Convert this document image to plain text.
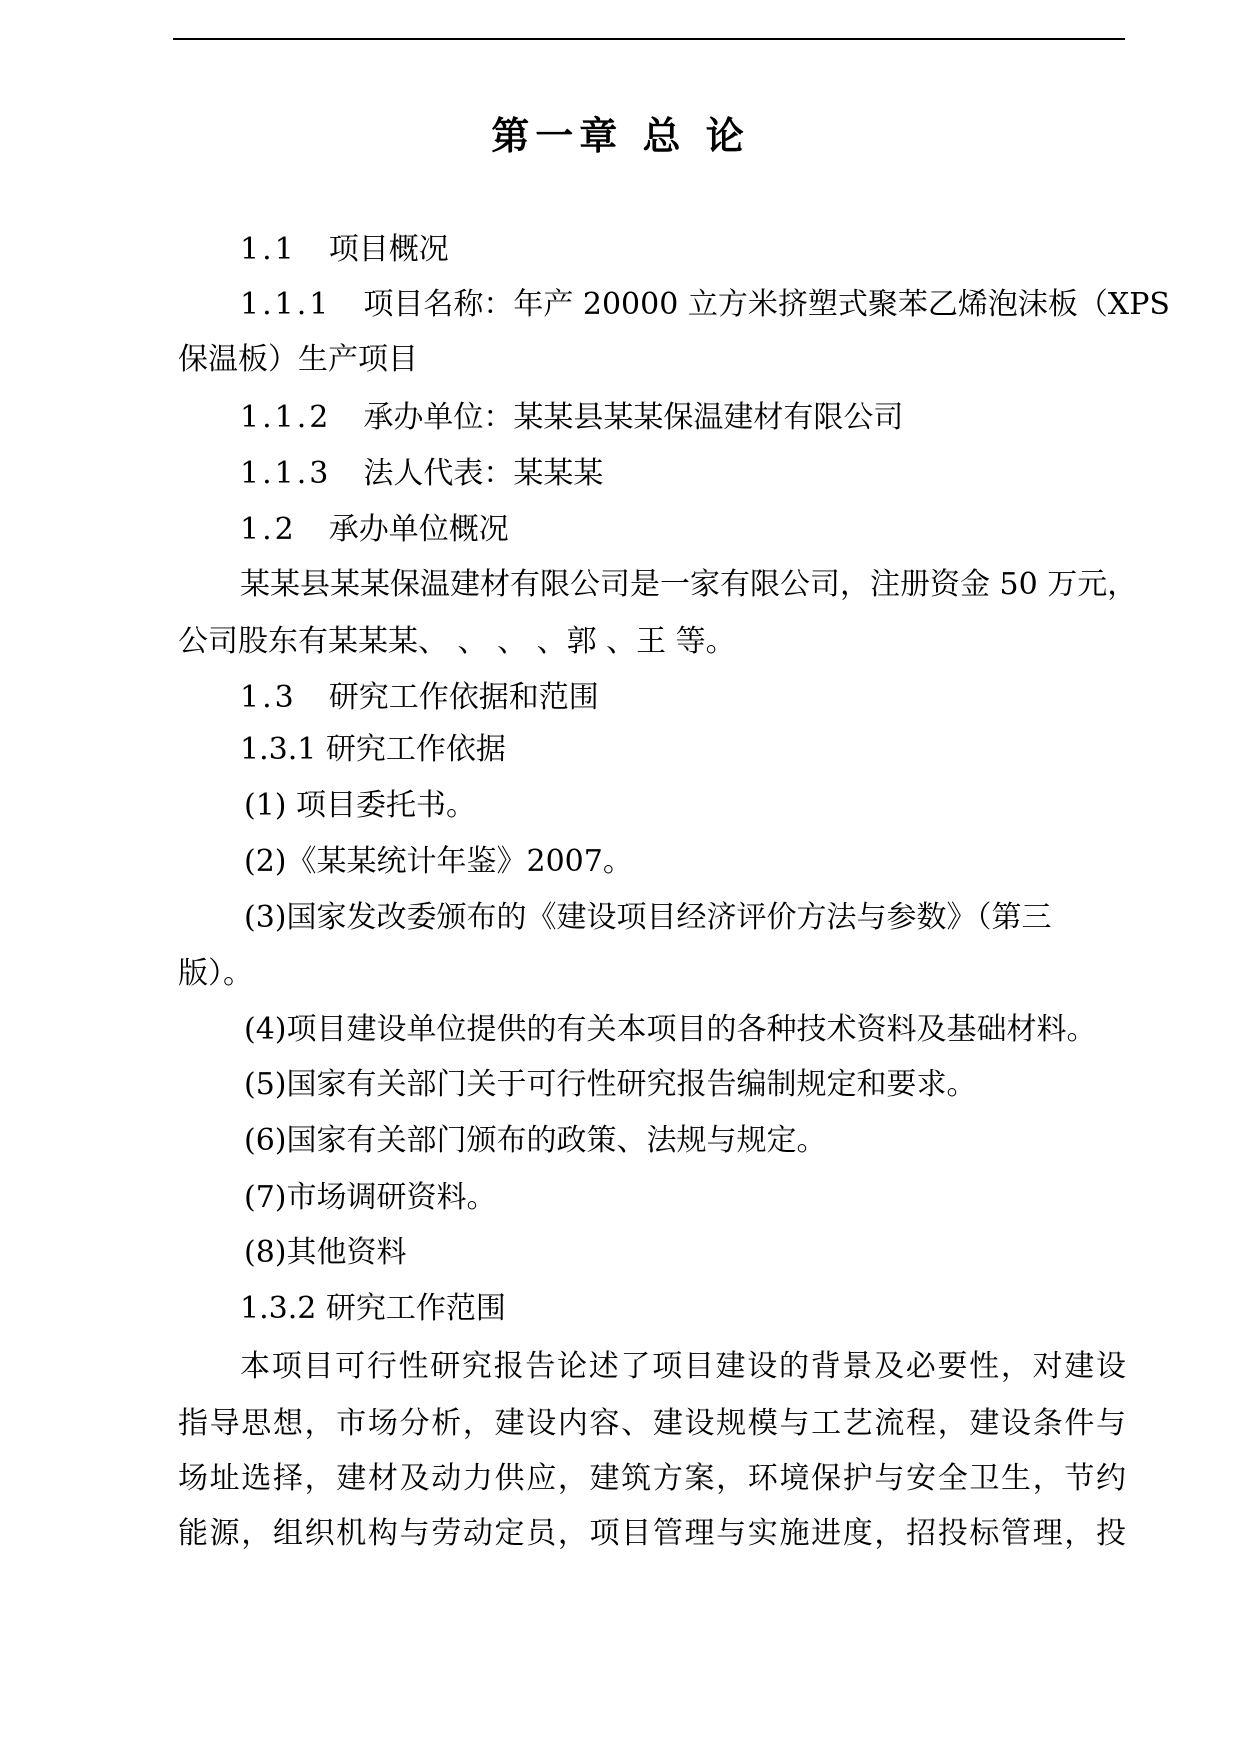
第一章 总 论
1.1 项目概况
1.1.1 项目名称：年产 20000 立方米挤塑式聚苯乙烯泡沫板（XPS
保温板）生产项目
1.1.2 承办单位：某某县某某保温建材有限公司
1.1.3 法人代表：某某某
1.2 承办单位概况
某某县某某保温建材有限公司是一家有限公司，注册资金 50 万元，
公司股东有某某某、 、 、 、郭 、王 等。
1.3 研究工作依据和范围
1.3.1 研究工作依据
(1) 项目委托书。
(2)《某某统计年鉴》2007。
(3)国家发改委颁布的《建设项目经济评价方法与参数》（第三
版）。
(4)项目建设单位提供的有关本项目的各种技术资料及基础材料。
(5)国家有关部门关于可行性研究报告编制规定和要求。
(6)国家有关部门颁布的政策、法规与规定。
(7)市场调研资料。
(8)其他资料
1.3.2 研究工作范围
本项目可行性研究报告论述了项目建设的背景及必要性，对建设
指导思想，市场分析，建设内容、建设规模与工艺流程，建设条件与
场址选择，建材及动力供应，建筑方案，环境保护与安全卫生，节约
能源，组织机构与劳动定员，项目管理与实施进度，招投标管理，投
